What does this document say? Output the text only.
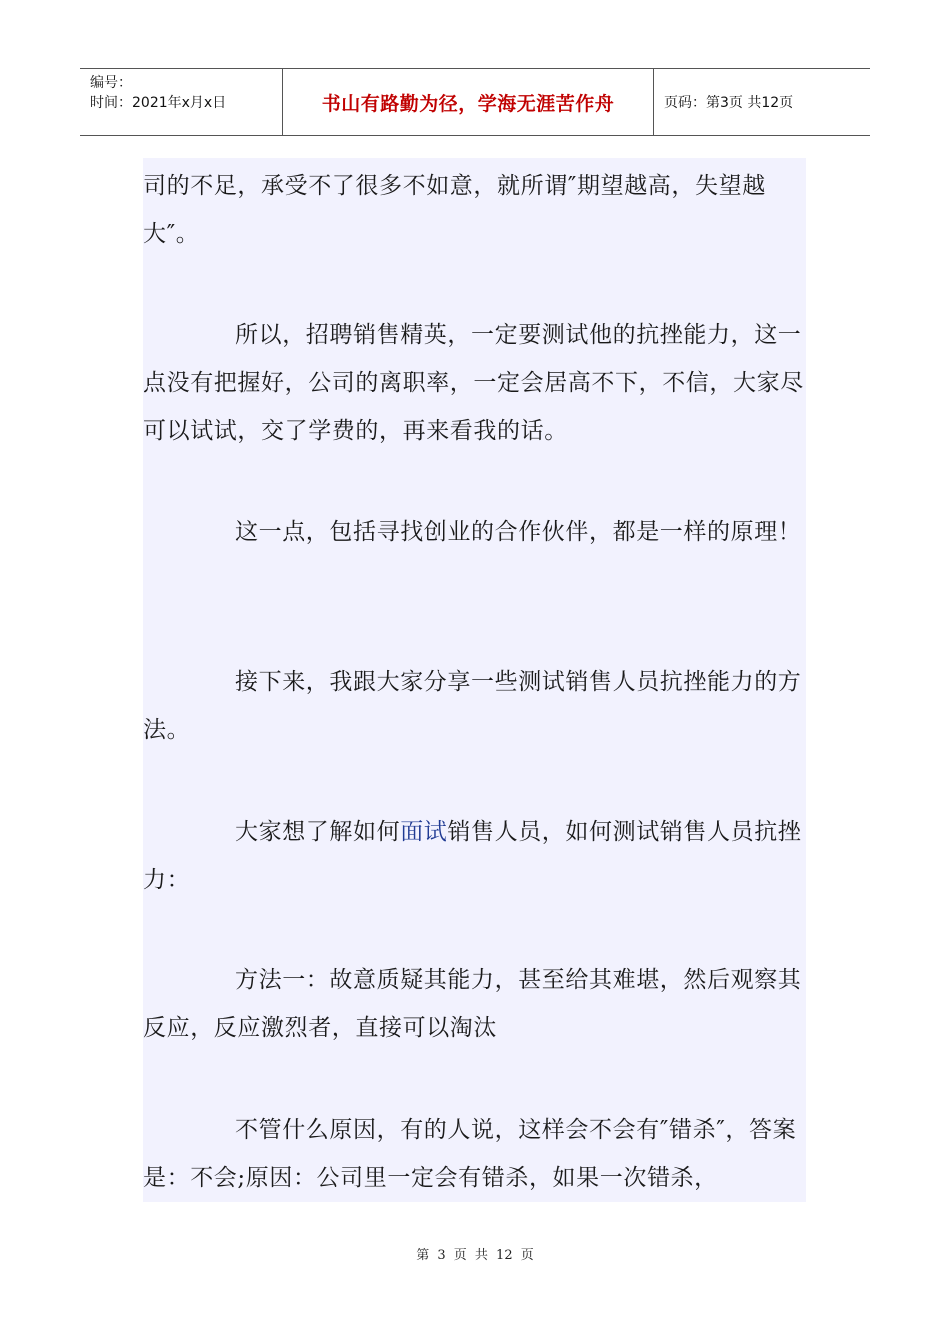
编号：
时间：2021年x月x日	书山有路勤为径，学海无涯苦作舟	页码：第3页 共12页

司的不足，承受不了很多不如意，就所谓″期望越高，失望越大″。

所以，招聘销售精英，一定要测试他的抗挫能力，这一点没有把握好，公司的离职率，一定会居高不下，不信，大家尽可以试试，交了学费的，再来看我的话。

这一点，包括寻找创业的合作伙伴，都是一样的原理！

接下来，我跟大家分享一些测试销售人员抗挫能力的方法。

大家想了解如何面试销售人员，如何测试销售人员抗挫力：

方法一：故意质疑其能力，甚至给其难堪，然后观察其反应，反应激烈者，直接可以淘汰

不管什么原因，有的人说，这样会不会有″错杀″，答案是：不会;原因：公司里一定会有错杀，如果一次错杀，

第 3 页 共 12 页
